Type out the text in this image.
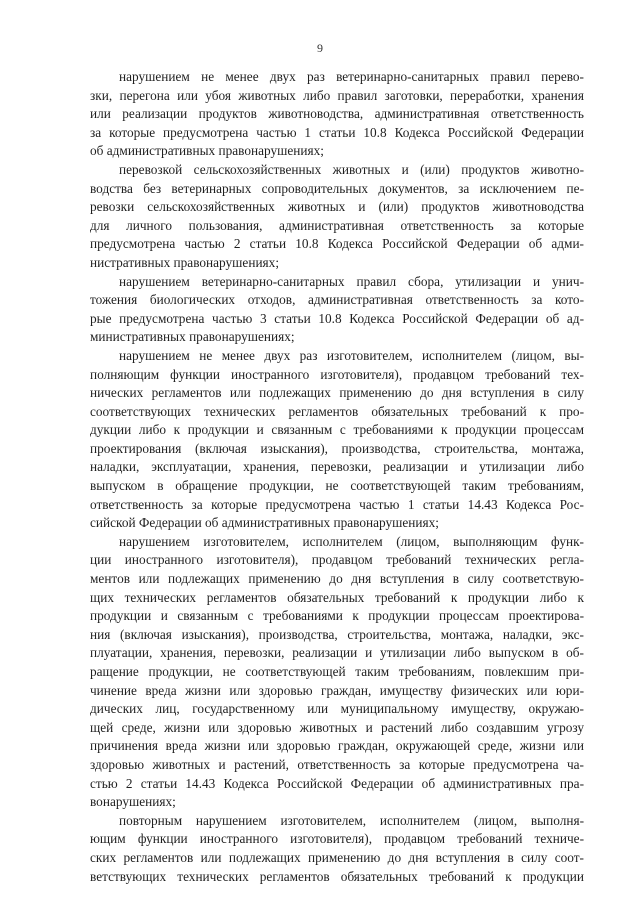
9
нарушением не менее двух раз ветеринарно-санитарных правил перево-
зки, перегона или убоя животных либо правил заготовки, переработки, хранения
или реализации продуктов животноводства, административная ответственность
за которые предусмотрена частью 1 статьи 10.8 Кодекса Российской Федерации
об административных правонарушениях;
перевозкой сельскохозяйственных животных и (или) продуктов животно-
водства без ветеринарных сопроводительных документов, за исключением пе-
ревозки сельскохозяйственных животных и (или) продуктов животноводства
для личного пользования, административная ответственность за которые
предусмотрена частью 2 статьи 10.8 Кодекса Российской Федерации об адми-
нистративных правонарушениях;
нарушением ветеринарно-санитарных правил сбора, утилизации и унич-
тожения биологических отходов, административная ответственность за кото-
рые предусмотрена частью 3 статьи 10.8 Кодекса Российской Федерации об ад-
министративных правонарушениях;
нарушением не менее двух раз изготовителем, исполнителем (лицом, вы-
полняющим функции иностранного изготовителя), продавцом требований тех-
нических регламентов или подлежащих применению до дня вступления в силу
соответствующих технических регламентов обязательных требований к про-
дукции либо к продукции и связанным с требованиями к продукции процессам
проектирования (включая изыскания), производства, строительства, монтажа,
наладки, эксплуатации, хранения, перевозки, реализации и утилизации либо
выпуском в обращение продукции, не соответствующей таким требованиям,
ответственность за которые предусмотрена частью 1 статьи 14.43 Кодекса Рос-
сийской Федерации об административных правонарушениях;
нарушением изготовителем, исполнителем (лицом, выполняющим функ-
ции иностранного изготовителя), продавцом требований технических регла-
ментов или подлежащих применению до дня вступления в силу соответствую-
щих технических регламентов обязательных требований к продукции либо к
продукции и связанным с требованиями к продукции процессам проектирова-
ния (включая изыскания), производства, строительства, монтажа, наладки, экс-
плуатации, хранения, перевозки, реализации и утилизации либо выпуском в об-
ращение продукции, не соответствующей таким требованиям, повлекшим при-
чинение вреда жизни или здоровью граждан, имуществу физических или юри-
дических лиц, государственному или муниципальному имуществу, окружаю-
щей среде, жизни или здоровью животных и растений либо создавшим угрозу
причинения вреда жизни или здоровью граждан, окружающей среде, жизни или
здоровью животных и растений, ответственность за которые предусмотрена ча-
стью 2 статьи 14.43 Кодекса Российской Федерации об административных пра-
вонарушениях;
повторным нарушением изготовителем, исполнителем (лицом, выполня-
ющим функции иностранного изготовителя), продавцом требований техниче-
ских регламентов или подлежащих применению до дня вступления в силу соот-
ветствующих технических регламентов обязательных требований к продукции
